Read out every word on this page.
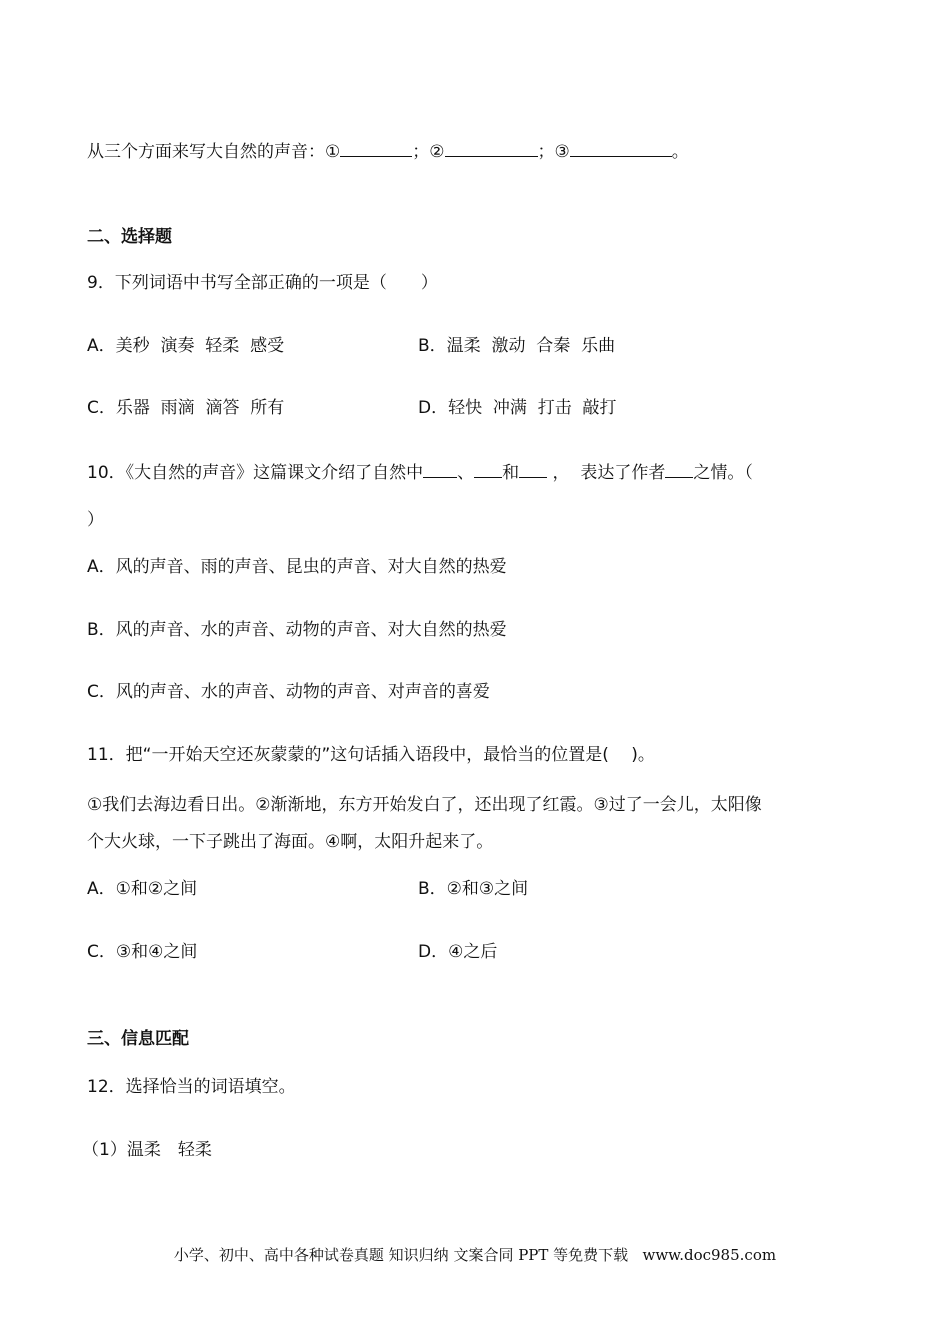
从三个方面来写大自然的声音：①	；②	；③	。
二、选择题
9．下列词语中书写全部正确的一项是（　　）
A．美秒  演奏  轻柔  感受	B．温柔  激动  合秦  乐曲
C．乐器  雨滴  滴答  所有	D．轻快  冲满  打击  敲打
10．《大自然的声音》这篇课文介绍了自然中 、 和 ，  表达了作者 之情。（
）
A．风的声音、雨的声音、昆虫的声音、对大自然的热爱
B．风的声音、水的声音、动物的声音、对大自然的热爱
C．风的声音、水的声音、动物的声音、对声音的喜爱
11．把“一开始天空还灰蒙蒙的”这句话插入语段中，最恰当的位置是(　 )。
①我们去海边看日出。②渐渐地，东方开始发白了，还出现了红霞。③过了一会儿，太阳像
个大火球，一下子跳出了海面。④啊，太阳升起来了。
A．①和②之间	B．②和③之间
C．③和④之间	D．④之后
三、信息匹配
12．选择恰当的词语填空。
（1）温柔　轻柔
小学、初中、高中各种试卷真题 知识归纳 文案合同 PPT 等免费下载   www.doc985.com
